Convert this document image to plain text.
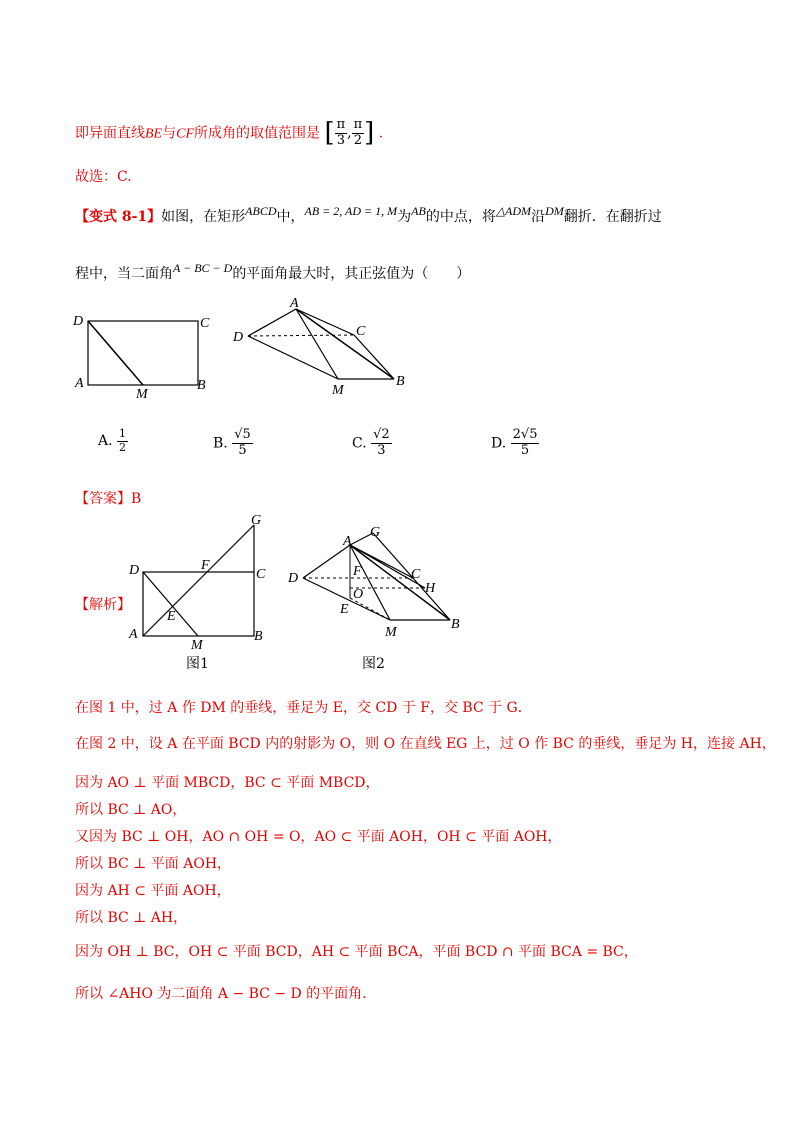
即异面直线BE与CF所成角的取值范围是 [ $\frac{\pi}{3}$ , $\frac{\pi}{2}$ ] .
故选：C.
【变式 8-1】如图，在矩形ABCD中，AB = 2, AD = 1, M为AB的中点，将△ADM沿DM翻折．在翻折过
程中，当二面角A − BC − D的平面角最大时，其正弦值为（　　）
D	C
A
M
B
A
C
D
M
B
A. $\frac{1}{2}$	B. $\frac{√5}{5}$	C. $\frac{√2}{3}$	D. $\frac{2√5}{5}$
【答案】B
【解析】
G
D	F
C
E
A
M
B
图1
A
G
F	C
D
H
O
E
M
B
图2
在图 1 中，过 A 作 DM 的垂线，垂足为 E，交 CD 于 F，交 BC 于 G．
在图 2 中，设 A 在平面 BCD 内的射影为 O，则 O 在直线 EG 上，过 O 作 BC 的垂线，垂足为 H，连接 AH，
因为 AO ⊥ 平面 MBCD，BC ⊂ 平面 MBCD，
所以 BC ⊥ AO，
又因为 BC ⊥ OH，AO ∩ OH = O，AO ⊂ 平面 AOH，OH ⊂ 平面 AOH，
所以 BC ⊥ 平面 AOH，
因为 AH ⊂ 平面 AOH，
所以 BC ⊥ AH，
因为 OH ⊥ BC，OH ⊂ 平面 BCD，AH ⊂ 平面 BCA，平面 BCD ∩ 平面 BCA = BC，
所以 ∠AHO 为二面角 A − BC − D 的平面角.
